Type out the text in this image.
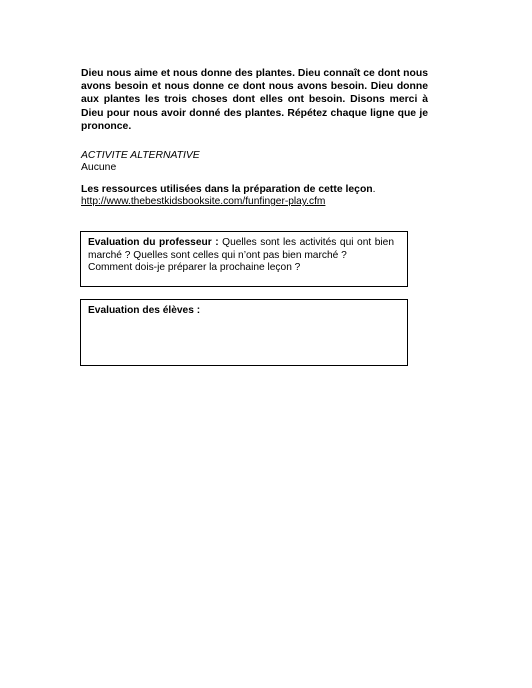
Dieu nous aime et nous donne des plantes. Dieu connaît ce dont nous avons besoin et nous donne ce dont nous avons besoin. Dieu donne aux plantes les trois choses dont elles ont besoin. Disons merci à Dieu pour nous avoir donné des plantes. Répétez chaque ligne que je prononce.

ACTIVITE ALTERNATIVE

Aucune

Les ressources utilisées dans la préparation de cette leçon.

http://www.thebestkidsbooksite.com/funfinger-play.cfm

Evaluation du professeur : Quelles sont les activités qui ont bien marché ? Quelles sont celles qui n’ont pas bien marché ?
Comment dois-je préparer la prochaine leçon ?

Evaluation des élèves :
